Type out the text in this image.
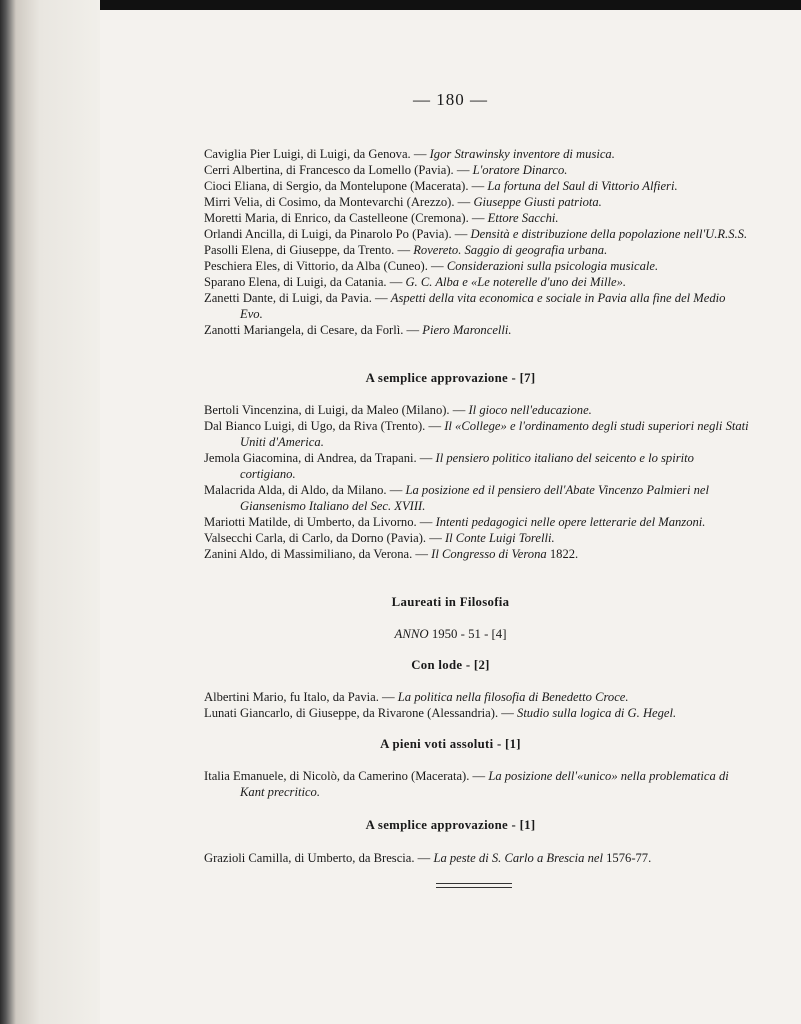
— 180 —

Caviglia Pier Luigi, di Luigi, da Genova. — Igor Strawinsky inventore di musica.

Cerri Albertina, di Francesco da Lomello (Pavia). — L'oratore Dinarco.

Cioci Eliana, di Sergio, da Montelupone (Macerata). — La fortuna del Saul di Vittorio Alfieri.

Mirri Velia, di Cosimo, da Montevarchi (Arezzo). — Giuseppe Giusti patriota.

Moretti Maria, di Enrico, da Castelleone (Cremona). — Ettore Sacchi.

Orlandi Ancilla, di Luigi, da Pinarolo Po (Pavia). — Densità e distribuzione della popolazione nell'U.R.S.S.

Pasolli Elena, di Giuseppe, da Trento. — Rovereto. Saggio di geografia urbana.

Peschiera Eles, di Vittorio, da Alba (Cuneo). — Considerazioni sulla psicologia musicale.

Sparano Elena, di Luigi, da Catania. — G. C. Alba e «Le noterelle d'uno dei Mille».

Zanetti Dante, di Luigi, da Pavia. — Aspetti della vita economica e sociale in Pavia alla fine del Medio Evo.

Zanotti Mariangela, di Cesare, da Forlì. — Piero Maroncelli.

A semplice approvazione - [7]

Bertoli Vincenzina, di Luigi, da Maleo (Milano). — Il gioco nell'educazione.

Dal Bianco Luigi, di Ugo, da Riva (Trento). — Il «College» e l'ordinamento degli studi superiori negli Stati Uniti d'America.

Jemola Giacomina, di Andrea, da Trapani. — Il pensiero politico italiano del seicento e lo spirito cortigiano.

Malacrida Alda, di Aldo, da Milano. — La posizione ed il pensiero dell'Abate Vincenzo Palmieri nel Giansenismo Italiano del Sec. XVIII.

Mariotti Matilde, di Umberto, da Livorno. — Intenti pedagogici nelle opere letterarie del Manzoni.

Valsecchi Carla, di Carlo, da Dorno (Pavia). — Il Conte Luigi Torelli.

Zanini Aldo, di Massimiliano, da Verona. — Il Congresso di Verona 1822.

Laureati in Filosofia
ANNO 1950 - 51 - [4]
Con lode - [2]

Albertini Mario, fu Italo, da Pavia. — La politica nella filosofia di Benedetto Croce.

Lunati Giancarlo, di Giuseppe, da Rivarone (Alessandria). — Studio sulla logica di G. Hegel.

A pieni voti assoluti - [1]

Italia Emanuele, di Nicolò, da Camerino (Macerata). — La posizione dell'«unico» nella problematica di Kant precritico.

A semplice approvazione - [1]

Grazioli Camilla, di Umberto, da Brescia. — La peste di S. Carlo a Brescia nel 1576-77.
